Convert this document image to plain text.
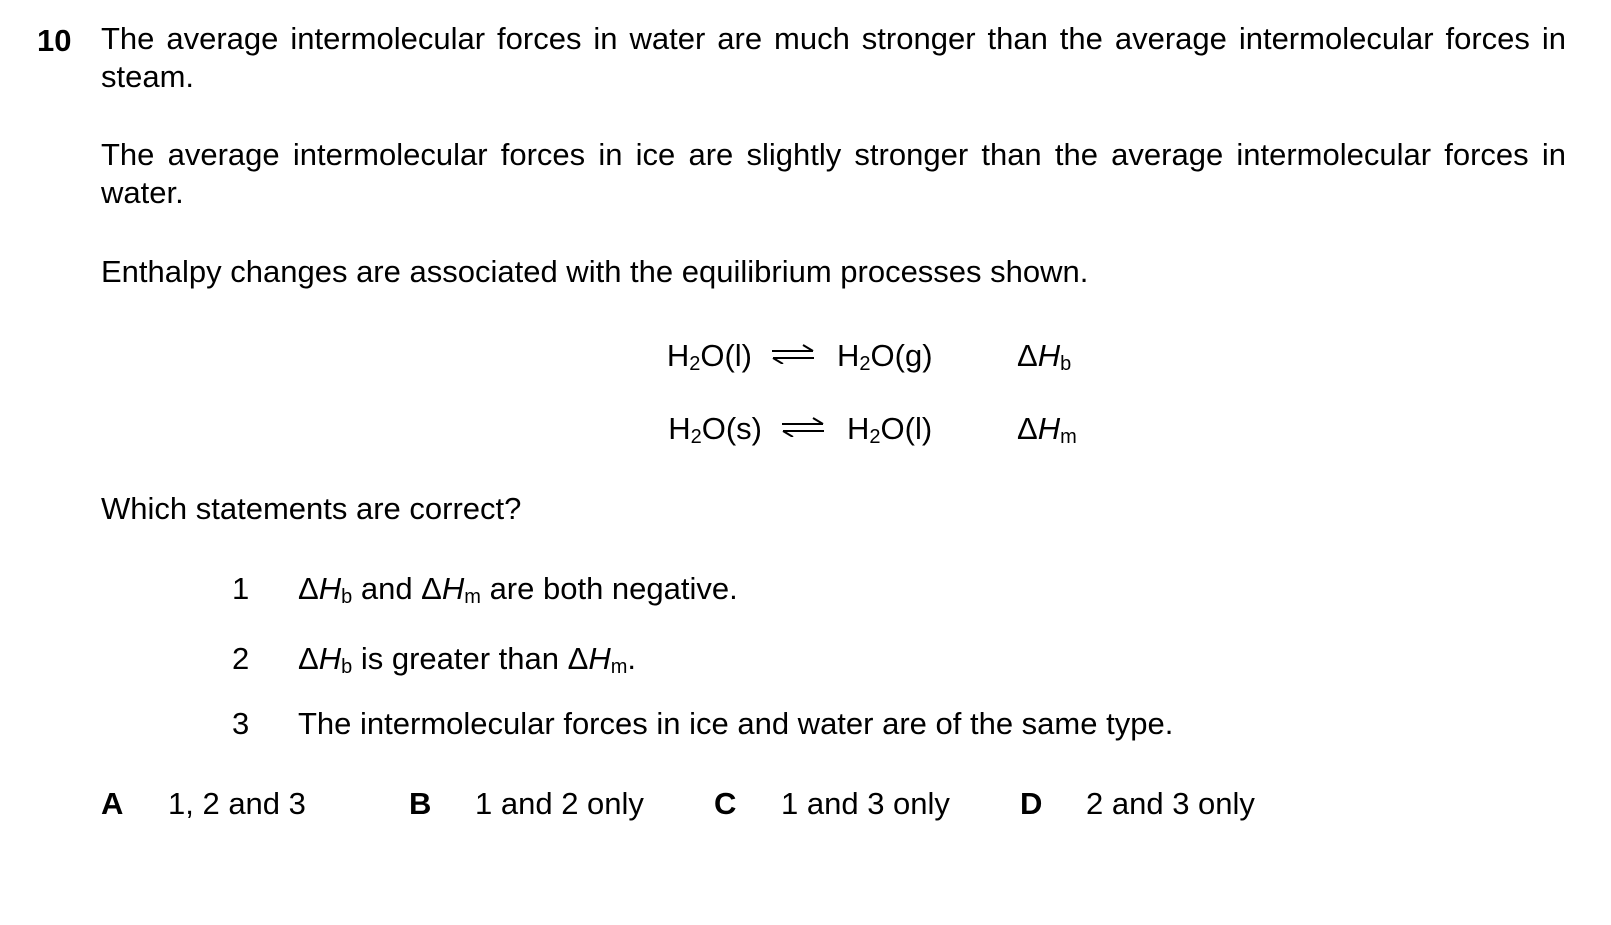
10 The average intermolecular forces in water are much stronger than the average intermolecular forces in steam.
The average intermolecular forces in ice are slightly stronger than the average intermolecular forces in water.
Enthalpy changes are associated with the equilibrium processes shown.
$H_2O(l)$ ⇌ $H_2O(g)$	$\Delta H_b$
$H_2O(s)$ ⇌ $H_2O(l)$	$\Delta H_m$
Which statements are correct?
1 $\Delta H_b$ and $\Delta H_m$ are both negative.
2 $\Delta H_b$ is greater than $\Delta H_m$.
3 The intermolecular forces in ice and water are of the same type.
A 1, 2 and 3	B 1 and 2 only C 1 and 3 only D 2 and 3 only
